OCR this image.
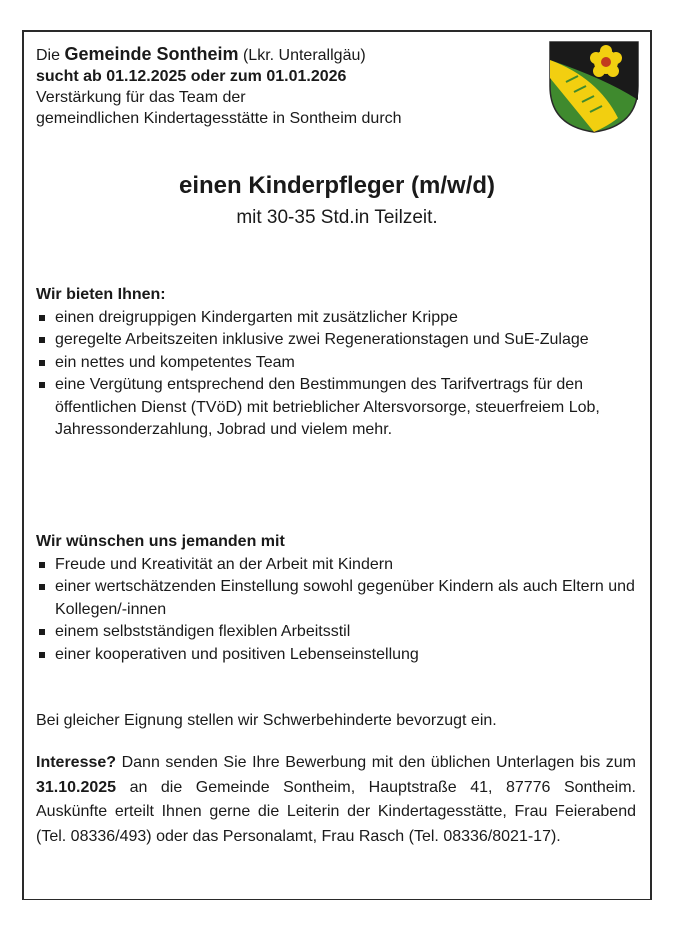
Die Gemeinde Sontheim (Lkr. Unterallgäu)
sucht ab 01.12.2025 oder zum 01.01.2026
Verstärkung für das Team der
gemeindlichen Kindertagesstätte in Sontheim durch
einen Kinderpfleger (m/w/d)
mit 30-35 Std.in Teilzeit.
Wir bieten Ihnen:
einen dreigruppigen Kindergarten mit zusätzlicher Krippe
geregelte Arbeitszeiten inklusive zwei Regenerationstagen und SuE-Zulage
ein nettes und kompetentes Team
eine Vergütung entsprechend den Bestimmungen des Tarifvertrags für den öffentlichen Dienst (TVöD) mit betrieblicher Altersvorsorge, steuerfreiem Lob, Jahressonderzahlung, Jobrad und vielem mehr.
Wir wünschen uns jemanden mit
Freude und Kreativität an der Arbeit mit Kindern
einer wertschätzenden Einstellung sowohl gegenüber Kindern als auch Eltern und Kollegen/-innen
einem selbstständigen flexiblen Arbeitsstil
einer kooperativen und positiven Lebenseinstellung
Bei gleicher Eignung stellen wir Schwerbehinderte bevorzugt ein.
Interesse? Dann senden Sie Ihre Bewerbung mit den üblichen Unterlagen bis zum 31.10.2025 an die Gemeinde Sontheim, Hauptstraße 41, 87776 Sontheim. Auskünfte erteilt Ihnen gerne die Leiterin der Kindertagesstätte, Frau Feierabend (Tel. 08336/493) oder das Personalamt, Frau Rasch (Tel. 08336/8021-17).
